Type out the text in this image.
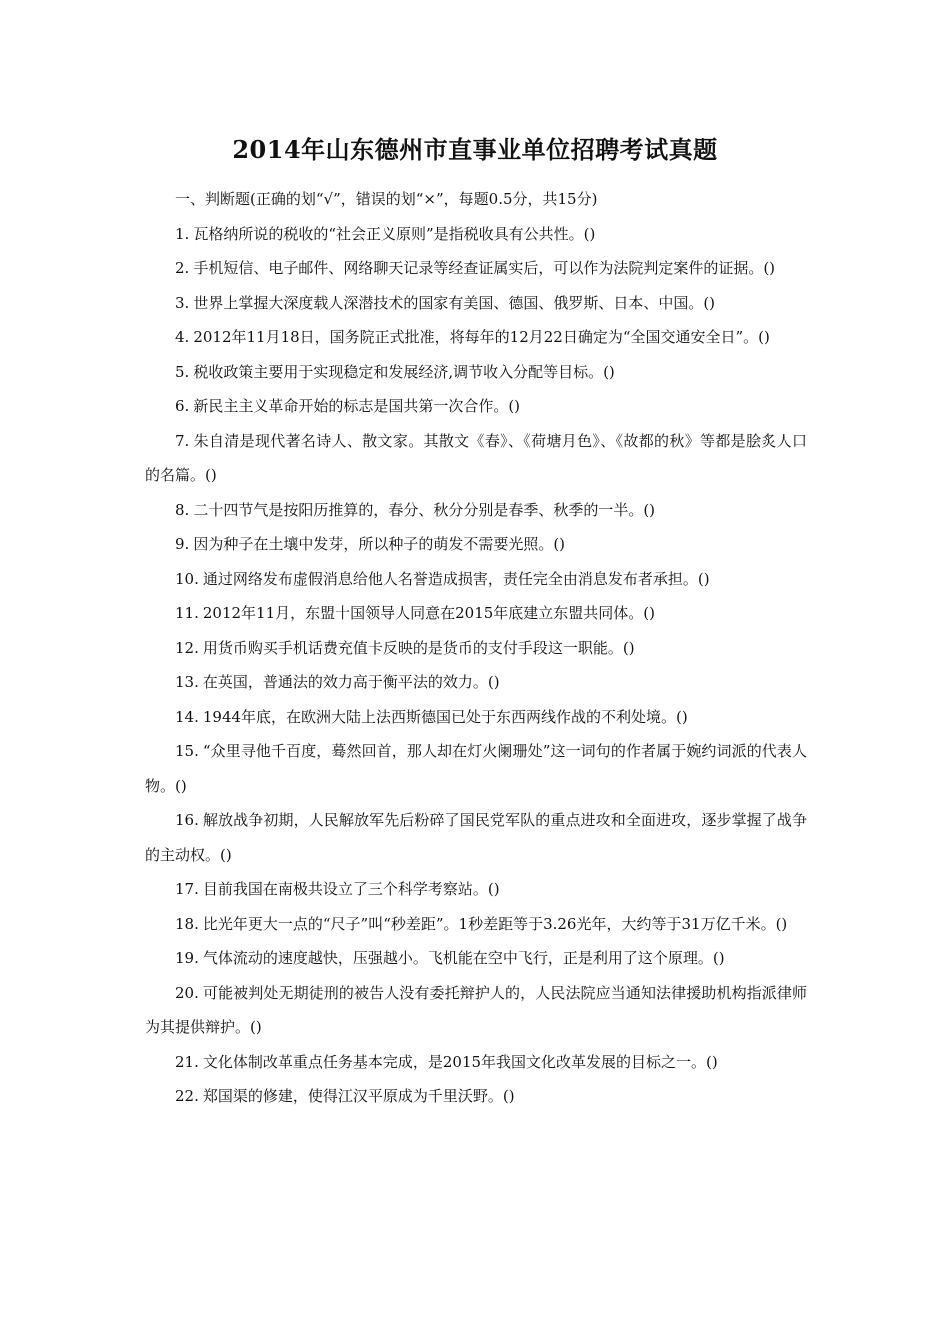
2014年山东德州市直事业单位招聘考试真题

一、判断题(正确的划“√”，错误的划“×”，每题0.5分，共15分)

1. 瓦格纳所说的税收的“社会正义原则”是指税收具有公共性。()

2. 手机短信、电子邮件、网络聊天记录等经查证属实后，可以作为法院判定案件的证据。()

3. 世界上掌握大深度载人深潜技术的国家有美国、德国、俄罗斯、日本、中国。()

4. 2012年11月18日，国务院正式批准，将每年的12月22日确定为“全国交通安全日”。()

5. 税收政策主要用于实现稳定和发展经济,调节收入分配等目标。()

6. 新民主主义革命开始的标志是国共第一次合作。()

7. 朱自清是现代著名诗人、散文家。其散文《春》、《荷塘月色》、《故都的秋》等都是脍炙人口的名篇。()

8. 二十四节气是按阳历推算的，春分、秋分分别是春季、秋季的一半。()

9. 因为种子在土壤中发芽，所以种子的萌发不需要光照。()

10. 通过网络发布虚假消息给他人名誉造成损害，责任完全由消息发布者承担。()

11. 2012年11月，东盟十国领导人同意在2015年底建立东盟共同体。()

12. 用货币购买手机话费充值卡反映的是货币的支付手段这一职能。()

13. 在英国，普通法的效力高于衡平法的效力。()

14. 1944年底，在欧洲大陆上法西斯德国已处于东西两线作战的不利处境。()

15. “众里寻他千百度，蓦然回首，那人却在灯火阑珊处”这一词句的作者属于婉约词派的代表人物。()

16. 解放战争初期，人民解放军先后粉碎了国民党军队的重点进攻和全面进攻，逐步掌握了战争的主动权。()

17. 目前我国在南极共设立了三个科学考察站。()

18. 比光年更大一点的“尺子”叫“秒差距”。1秒差距等于3.26光年，大约等于31万亿千米。()

19. 气体流动的速度越快，压强越小。飞机能在空中飞行，正是利用了这个原理。()

20. 可能被判处无期徒刑的被告人没有委托辩护人的，人民法院应当通知法律援助机构指派律师为其提供辩护。()

21. 文化体制改革重点任务基本完成，是2015年我国文化改革发展的目标之一。()

22. 郑国渠的修建，使得江汉平原成为千里沃野。()
